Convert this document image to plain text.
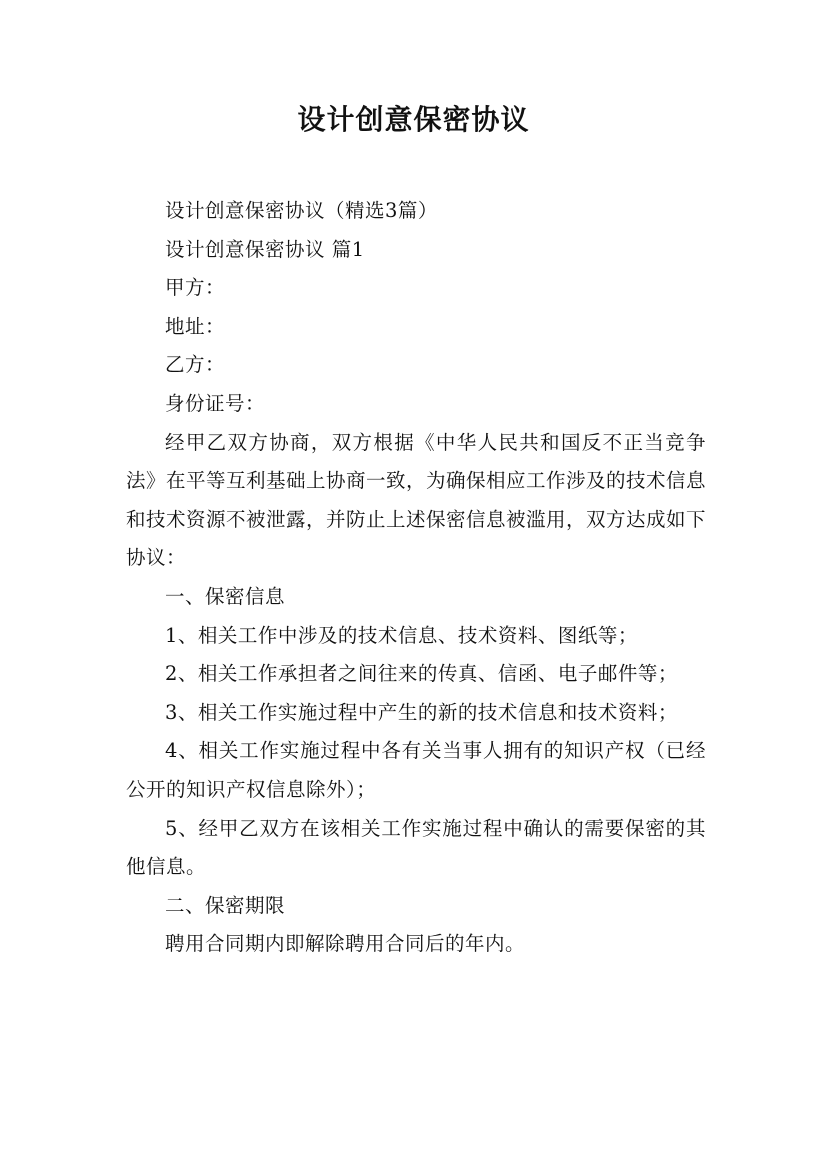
设计创意保密协议

设计创意保密协议（精选3篇）

设计创意保密协议 篇1

甲方：

地址：

乙方：

身份证号：

经甲乙双方协商，双方根据《中华人民共和国反不正当竞争法》在平等互利基础上协商一致，为确保相应工作涉及的技术信息和技术资源不被泄露，并防止上述保密信息被滥用，双方达成如下协议：

一、保密信息

1、相关工作中涉及的技术信息、技术资料、图纸等；

2、相关工作承担者之间往来的传真、信函、电子邮件等；

3、相关工作实施过程中产生的新的技术信息和技术资料；

4、相关工作实施过程中各有关当事人拥有的知识产权（已经公开的知识产权信息除外）；

5、经甲乙双方在该相关工作实施过程中确认的需要保密的其他信息。

二、保密期限

聘用合同期内即解除聘用合同后的年内。
